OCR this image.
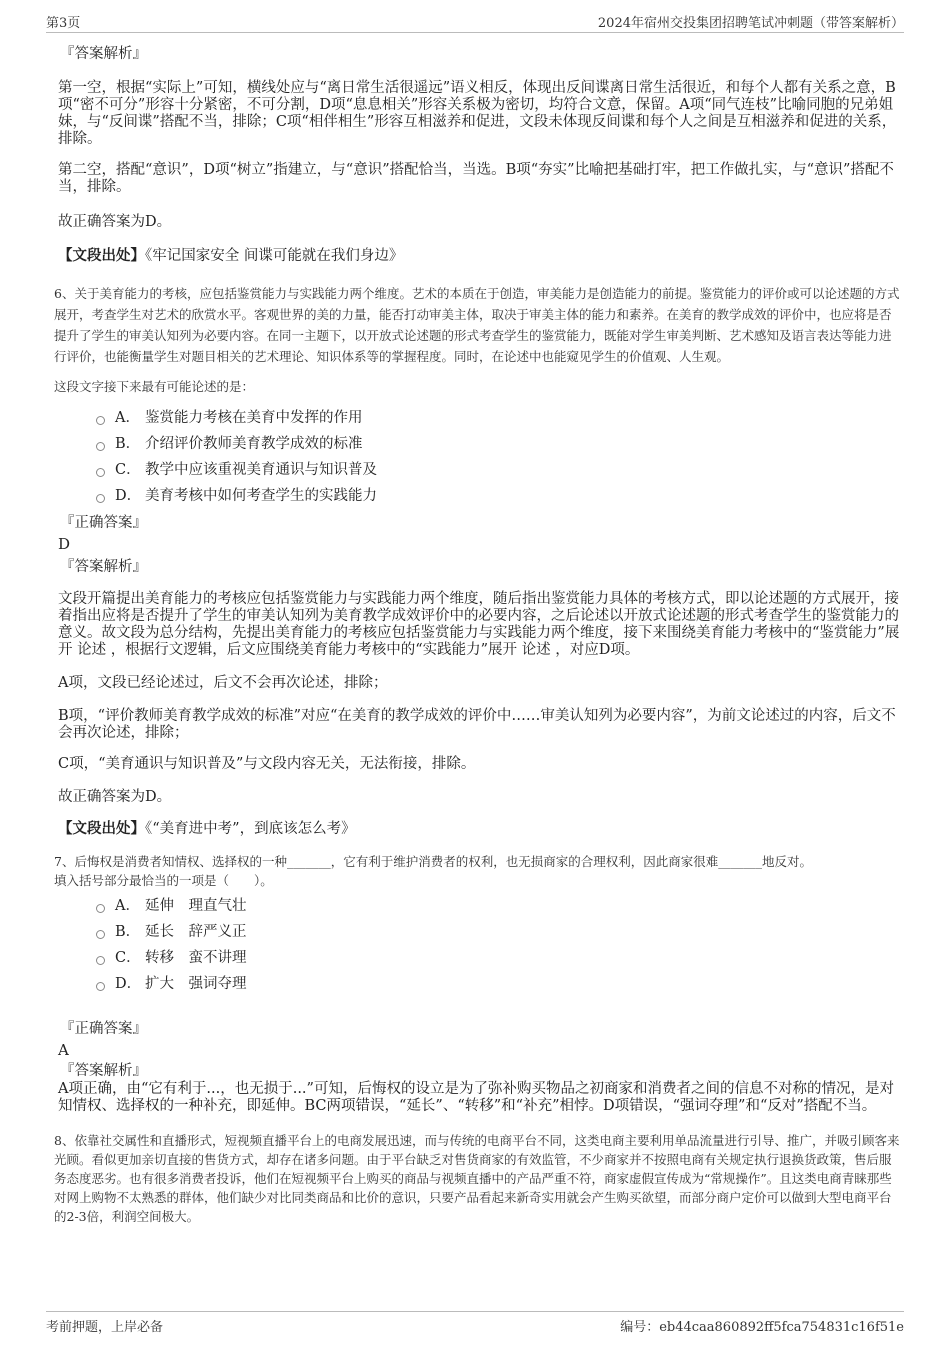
第3页	2024年宿州交投集团招聘笔试冲刺题（带答案解析）
『答案解析』
第一空，根据“实际上”可知，横线处应与“离日常生活很遥远”语义相反，体现出反间谍离日常生活很近，和每个人都有关系之意，B项“密不可分”形容十分紧密，不可分割，D项“息息相关”形容关系极为密切，均符合文意，保留。A项“同气连枝”比喻同胞的兄弟姐妹，与“反间谍”搭配不当，排除；C项“相伴相生”形容互相滋养和促进，文段未体现反间谍和每个人之间是互相滋养和促进的关系，排除。
第二空，搭配“意识”，D项“树立”指建立，与“意识”搭配恰当，当选。B项“夯实”比喻把基础打牢，把工作做扎实，与“意识”搭配不当，排除。
故正确答案为D。
【文段出处】《牢记国家安全 间谍可能就在我们身边》
6、关于美育能力的考核，应包括鉴赏能力与实践能力两个维度。艺术的本质在于创造，审美能力是创造能力的前提。鉴赏能力的评价或可以论述题的方式展开，考查学生对艺术的欣赏水平。客观世界的美的力量，能否打动审美主体，取决于审美主体的能力和素养。在美育的教学成效的评价中，也应将是否提升了学生的审美认知列为必要内容。在同一主题下，以开放式论述题的形式考查学生的鉴赏能力，既能对学生审美判断、艺术感知及语言表达等能力进行评价，也能衡量学生对题目相关的艺术理论、知识体系等的掌握程度。同时，在论述中也能窥见学生的价值观、人生观。
这段文字接下来最有可能论述的是：
A． 鉴赏能力考核在美育中发挥的作用
B． 介绍评价教师美育教学成效的标准
C． 教学中应该重视美育通识与知识普及
D． 美育考核中如何考查学生的实践能力
『正确答案』
D
『答案解析』
文段开篇提出美育能力的考核应包括鉴赏能力与实践能力两个维度，随后指出鉴赏能力具体的考核方式，即以论述题的方式展开，接着指出应将是否提升了学生的审美认知列为美育教学成效评价中的必要内容，之后论述以开放式论述题的形式考查学生的鉴赏能力的意义。故文段为总分结构，先提出美育能力的考核应包括鉴赏能力与实践能力两个维度，接下来围绕美育能力考核中的“鉴赏能力”展开 论述 ，根据行文逻辑，后文应围绕美育能力考核中的“实践能力”展开 论述 ，对应D项。
A项，文段已经论述过，后文不会再次论述，排除；
B项，“评价教师美育教学成效的标准”对应“在美育的教学成效的评价中……审美认知列为必要内容”，为前文论述过的内容，后文不会再次论述，排除；
C项，“美育通识与知识普及”与文段内容无关，无法衔接，排除。
故正确答案为D。
【文段出处】《“美育进中考”，到底该怎么考》
7、后悔权是消费者知情权、选择权的一种_______，它有利于维护消费者的权利，也无损商家的合理权利，因此商家很难_______地反对。
填入括号部分最恰当的一项是（　　）。
A． 延伸　理直气壮
B． 延长　辞严义正
C． 转移　蛮不讲理
D． 扩大　强词夺理
『正确答案』
A
『答案解析』
A项正确，由“它有利于...，也无损于...”可知，后悔权的设立是为了弥补购买物品之初商家和消费者之间的信息不对称的情况，是对知情权、选择权的一种补充，即延伸。BC两项错误，“延长”、“转移”和“补充”相悖。D项错误，“强词夺理”和“反对”搭配不当。
8、依靠社交属性和直播形式，短视频直播平台上的电商发展迅速，而与传统的电商平台不同，这类电商主要利用单品流量进行引导、推广，并吸引顾客来光顾。看似更加亲切直接的售货方式，却存在诸多问题。由于平台缺乏对售货商家的有效监管，不少商家并不按照电商有关规定执行退换货政策，售后服务态度恶劣。也有很多消费者投诉，他们在短视频平台上购买的商品与视频直播中的产品严重不符，商家虚假宣传成为“常规操作”。且这类电商青睐那些对网上购物不太熟悉的群体，他们缺少对比同类商品和比价的意识，只要产品看起来新奇实用就会产生购买欲望，而部分商户定价可以做到大型电商平台的2-3倍，利润空间极大。
考前押题，上岸必备	编号：eb44caa860892ff5fca754831c16f51e
